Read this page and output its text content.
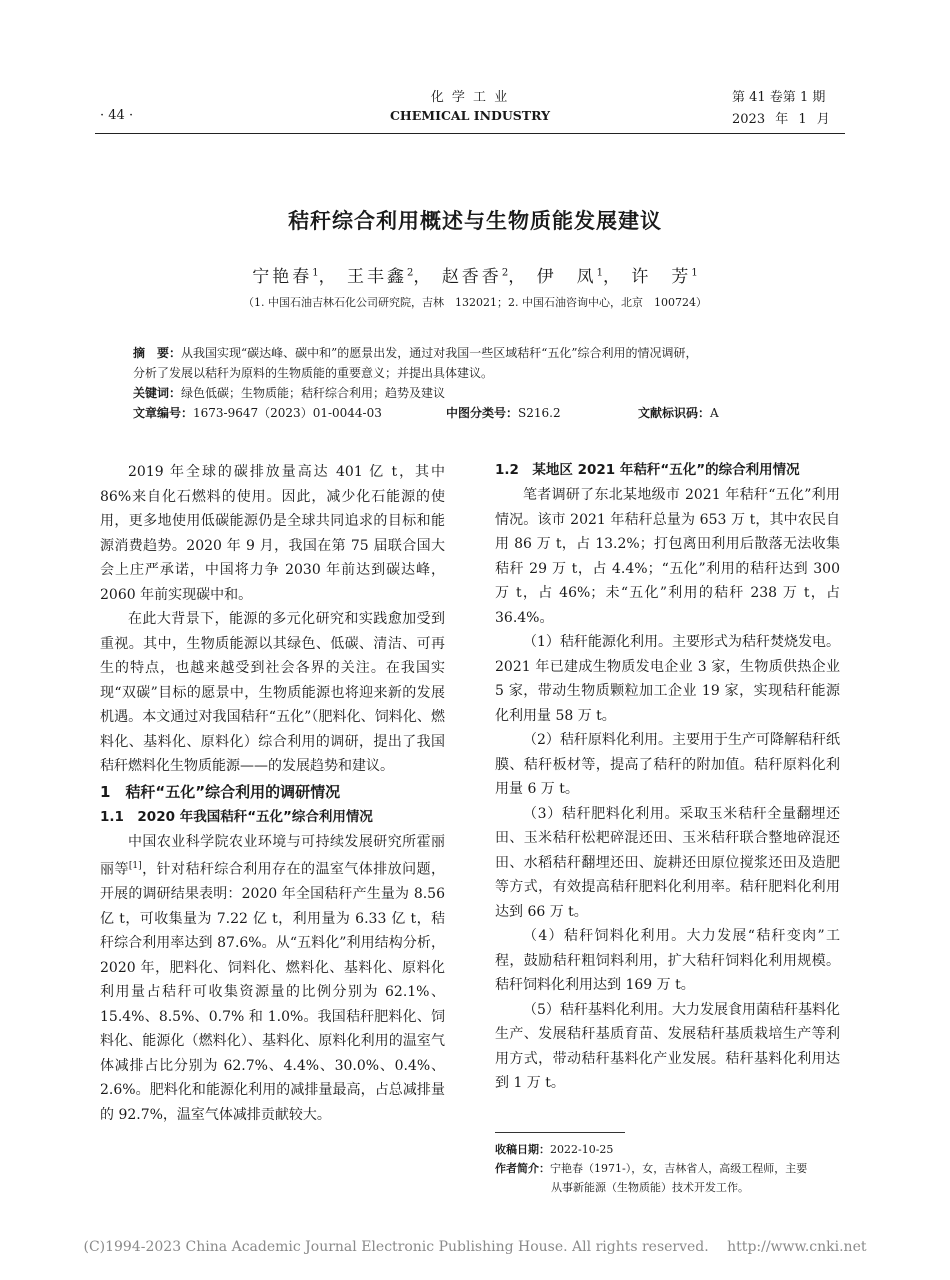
· 44 ·
化 学 工 业
CHEMICAL INDUSTRY
第 41 卷第 1 期
2023 年 1 月
秸秆综合利用概述与生物质能发展建议
宁艳春$^1$， 王丰鑫$^2$， 赵香香$^2$， 伊　凤$^1$， 许　芳$^1$
（1. 中国石油吉林石化公司研究院，吉林　132021；2. 中国石油咨询中心，北京　100724）
摘　要：从我国实现“碳达峰、碳中和”的愿景出发，通过对我国一些区域秸秆“五化”综合利用的情况调研，
分析了发展以秸秆为原料的生物质能的重要意义；并提出具体建议。
关键词：绿色低碳；生物质能；秸秆综合利用；趋势及建议
文章编号：1673-9647（2023）01-0044-03	中图分类号：S216.2	文献标识码：A

2019 年全球的碳排放量高达 401 亿 t，其中 86%来自化石燃料的使用。因此，减少化石能源的使用，更多地使用低碳能源仍是全球共同追求的目标和能源消费趋势。2020 年 9 月，我国在第 75 届联合国大会上庄严承诺，中国将力争 2030 年前达到碳达峰，2060 年前实现碳中和。

在此大背景下，能源的多元化研究和实践愈加受到重视。其中，生物质能源以其绿色、低碳、清洁、可再生的特点，也越来越受到社会各界的关注。在我国实现“双碳”目标的愿景中，生物质能源也将迎来新的发展机遇。本文通过对我国秸秆“五化”（肥料化、饲料化、燃料化、基料化、原料化）综合利用的调研，提出了我国秸秆燃料化生物质能源——的发展趋势和建议。

1　秸秆“五化”综合利用的调研情况
1.1　2020 年我国秸秆“五化”综合利用情况

中国农业科学院农业环境与可持续发展研究所霍丽丽等[1]，针对秸秆综合利用存在的温室气体排放问题，开展的调研结果表明：2020 年全国秸秆产生量为 8.56 亿 t，可收集量为 7.22 亿 t，利用量为 6.33 亿 t，秸秆综合利用率达到 87.6%。从“五料化”利用结构分析，2020 年，肥料化、饲料化、燃料化、基料化、原料化利用量占秸秆可收集资源量的比例分别为 62.1%、15.4%、8.5%、0.7% 和 1.0%。我国秸秆肥料化、饲料化、能源化（燃料化）、基料化、原料化利用的温室气体减排占比分别为 62.7%、4.4%、30.0%、0.4%、2.6%。肥料化和能源化利用的减排量最高，占总减排量的 92.7%，温室气体减排贡献较大。

1.2　某地区 2021 年秸秆“五化”的综合利用情况

笔者调研了东北某地级市 2021 年秸秆“五化”利用情况。该市 2021 年秸秆总量为 653 万 t，其中农民自用 86 万 t，占 13.2%；打包离田利用后散落无法收集秸秆 29 万 t，占 4.4%；“五化”利用的秸秆达到 300 万 t，占 46%；未“五化”利用的秸秆 238 万 t，占 36.4%。

（1）秸秆能源化利用。主要形式为秸秆焚烧发电。2021 年已建成生物质发电企业 3 家，生物质供热企业 5 家，带动生物质颗粒加工企业 19 家，实现秸秆能源化利用量 58 万 t。

（2）秸秆原料化利用。主要用于生产可降解秸秆纸膜、秸秆板材等，提高了秸秆的附加值。秸秆原料化利用量 6 万 t。

（3）秸秆肥料化利用。采取玉米秸秆全量翻埋还田、玉米秸秆松耙碎混还田、玉米秸秆联合整地碎混还田、水稻秸秆翻埋还田、旋耕还田原位搅浆还田及造肥等方式，有效提高秸秆肥料化利用率。秸秆肥料化利用达到 66 万 t。

（4）秸秆饲料化利用。大力发展“秸秆变肉”工程，鼓励秸秆粗饲料利用，扩大秸秆饲料化利用规模。秸秆饲料化利用达到 169 万 t。

（5）秸秆基料化利用。大力发展食用菌秸秆基料化生产、发展秸秆基质育苗、发展秸秆基质栽培生产等利用方式，带动秸秆基料化产业发展。秸秆基料化利用达到 1 万 t。

收稿日期：2022-10-25
作者简介：宁艳春（1971-），女，吉林省人，高级工程师，主要
从事新能源（生物质能）技术开发工作。
(C)1994-2023 China Academic Journal Electronic Publishing House. All rights reserved.　 http://www.cnki.net
